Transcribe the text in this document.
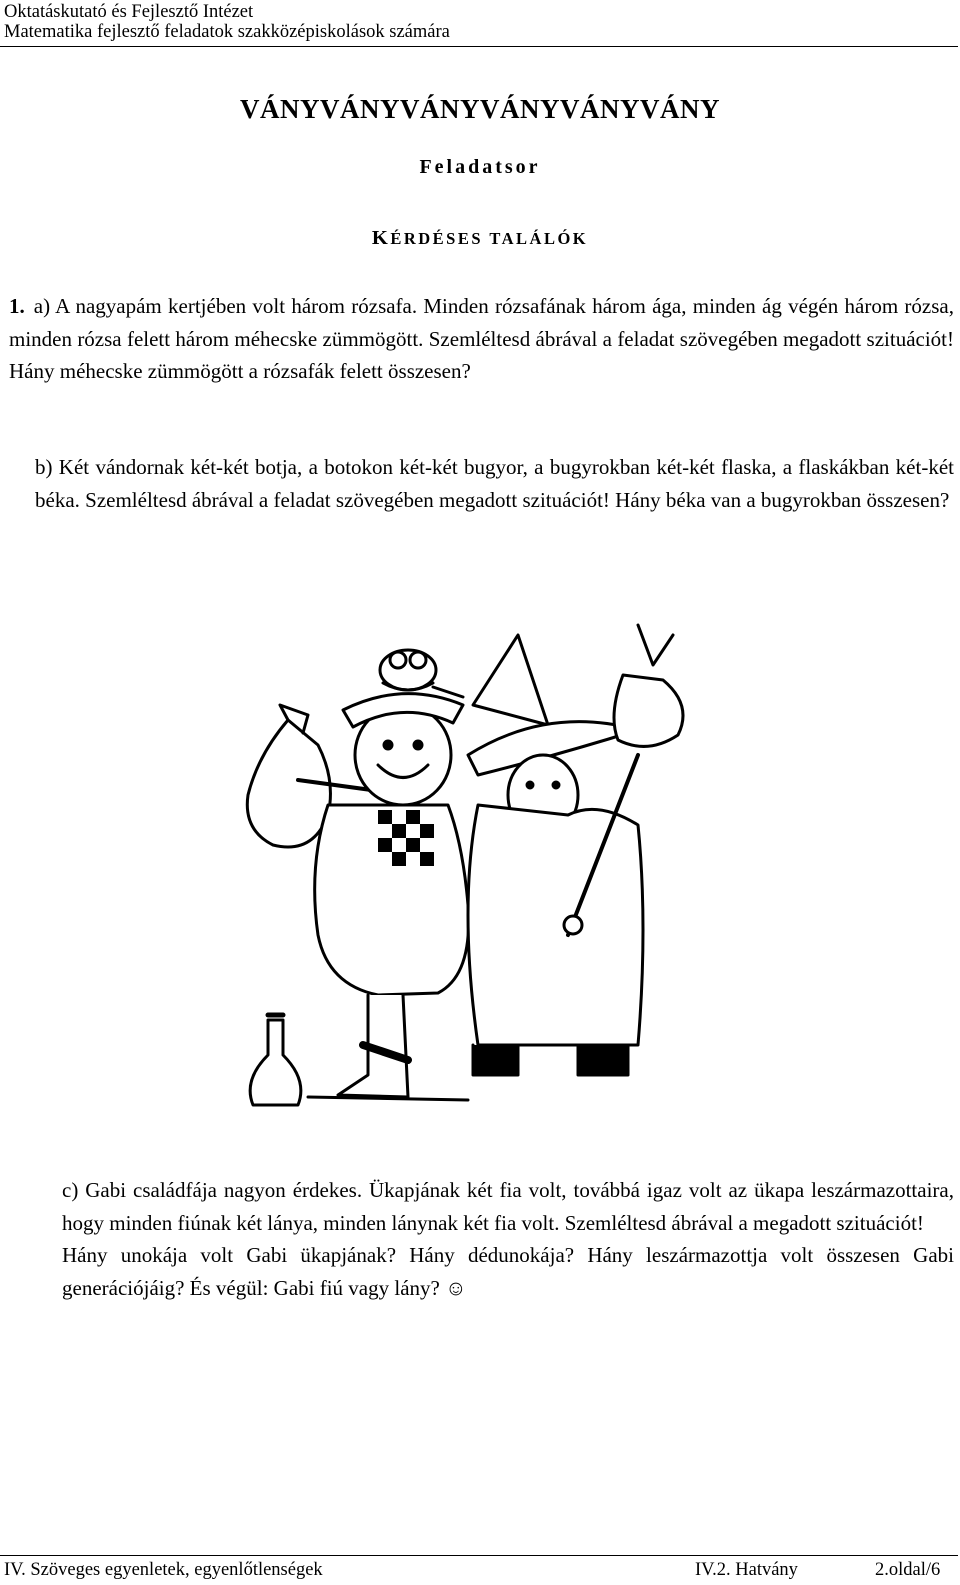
Oktatáskutató és Fejlesztő Intézet
Matematika fejlesztő feladatok szakközépiskolások számára
VÁNYVÁNYVÁNYVÁNYVÁNYVÁNY
Feladatsor
KÉRDÉSES TALÁLÓK
1. a) A nagyapám kertjében volt három rózsafa. Minden rózsafának három ága, minden ág végén három rózsa, minden rózsa felett három méhecske zümmögött. Szemléltesd ábrával a feladat szövegében megadott szituációt! Hány méhecske zümmögött a rózsafák felett összesen?
b) Két vándornak két-két botja, a botokon két-két bugyor, a bugyrokban két-két flaska, a flaskákban két-két béka. Szemléltesd ábrával a feladat szövegében megadott szituációt! Hány béka van a bugyrokban összesen?

c) Gabi családfája nagyon érdekes. Ükapjának két fia volt, továbbá igaz volt az ükapa leszármazottaira, hogy minden fiúnak két lánya, minden lánynak két fia volt. Szemléltesd ábrával a megadott szituációt!

Hány unokája volt Gabi ükapjának? Hány dédunokája? Hány leszármazottja volt összesen Gabi generációjáig? És végül: Gabi fiú vagy lány? ☺

IV. Szöveges egyenletek, egyenlőtlenségek	IV.2. Hatvány	2.oldal/6
